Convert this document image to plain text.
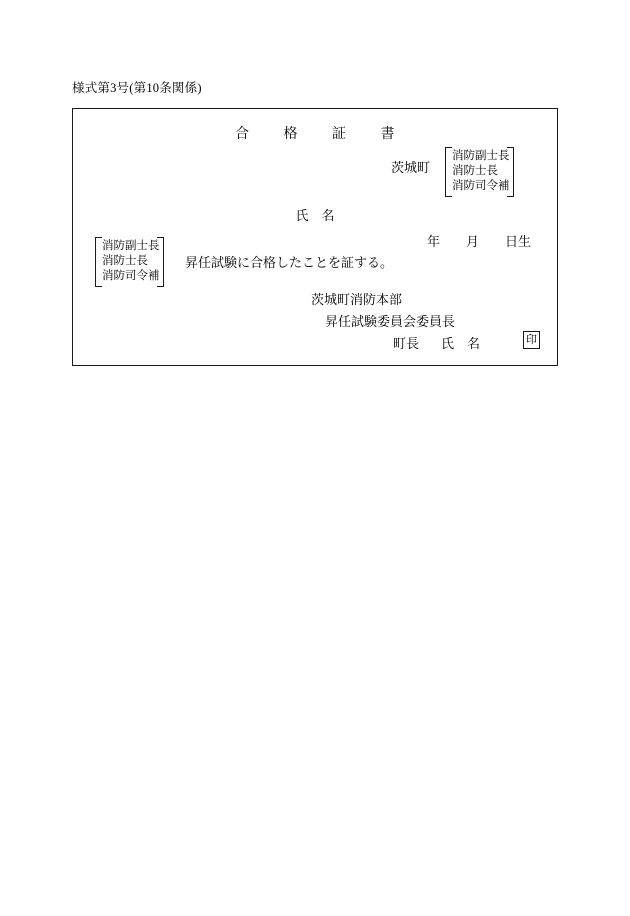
様式第3号(第10条関係)
合 格 証 書
茨城町
消防副士長
消防士長
消防司令補
氏　名
年 月 日生
消防副士長
消防士長
消防司令補
昇任試験に合格したことを証する。
茨城町消防本部
昇任試験委員会委員長
町長 氏　名	印
